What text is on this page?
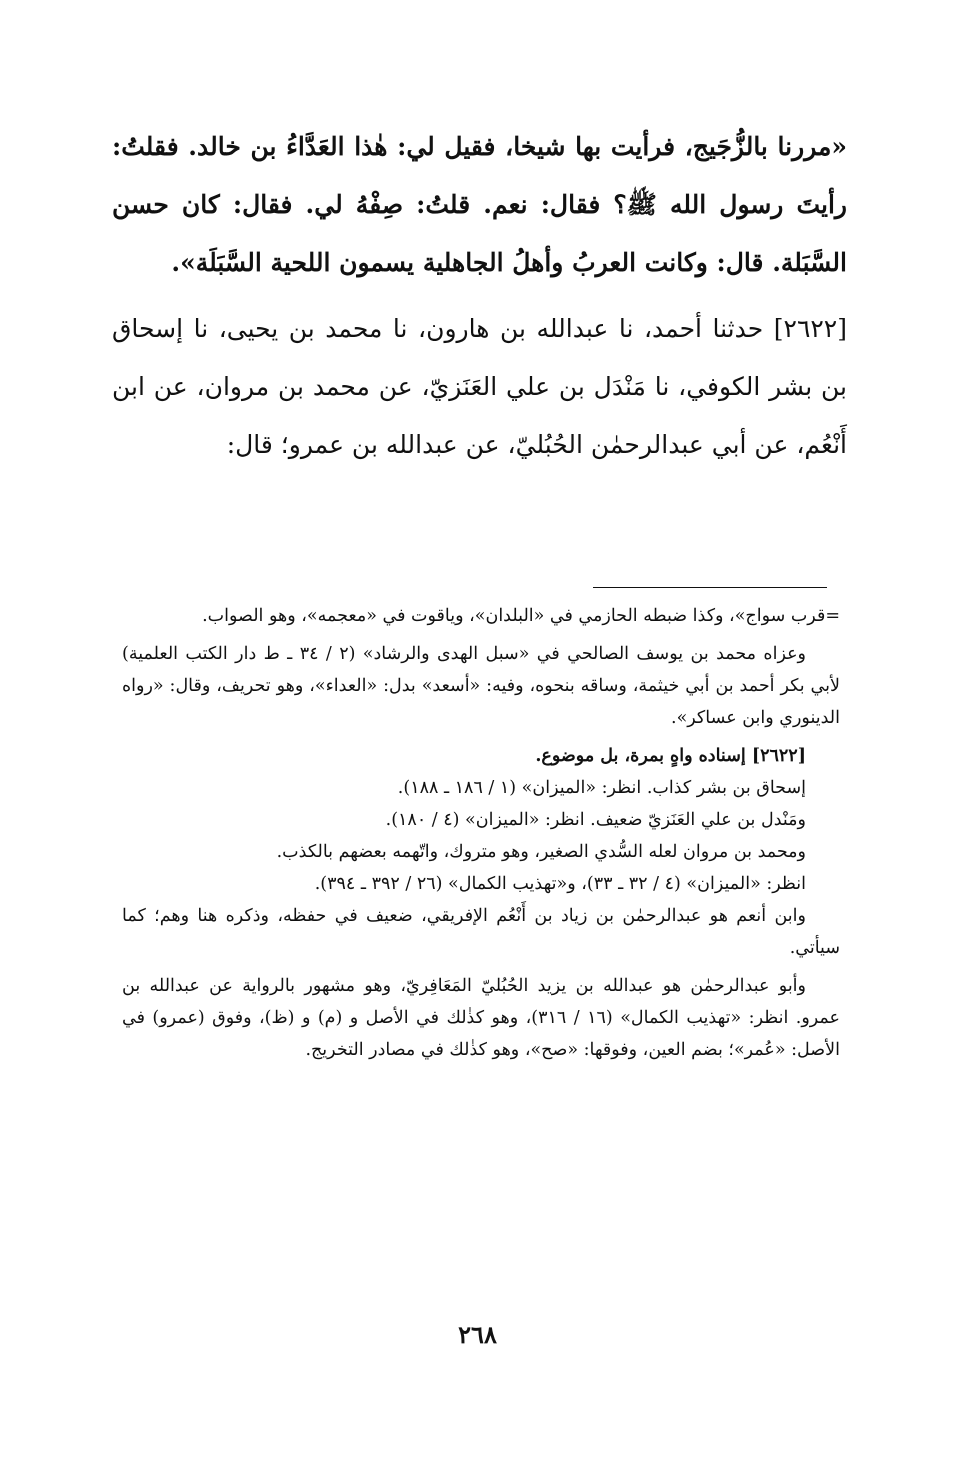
«مررنا بالزُّجَيج، فرأيت بها شيخا، فقيل لي: هٰذا العَدَّاءُ بن خالد. فقلتُ: رأيتَ رسول الله ﷺ؟ فقال: نعم. قلتُ: صِفْهُ لي. فقال: كان حسن السَّبَلة. قال: وكانت العربُ وأهلُ الجاهلية يسمون اللحية السَّبَلَة».

[٢٦٢٢] حدثنا أحمد، نا عبدالله بن هارون، نا محمد بن يحيى، نا إسحاق بن بشر الكوفي، نا مَنْدَل بن علي العَنَزيّ، عن محمد بن مروان، عن ابن أَنْعُم، عن أبي عبدالرحمٰن الحُبُليّ، عن عبدالله بن عمرو؛ قال:

=قرب سواج»، وكذا ضبطه الحازمي في «البلدان»، وياقوت في «معجمه»، وهو الصواب.

وعزاه محمد بن يوسف الصالحي في «سبل الهدى والرشاد» (٢ / ٣٤ ـ ط دار الكتب العلمية) لأبي بكر أحمد بن أبي خيثمة، وساقه بنحوه، وفيه: «أسعد» بدل: «العداء»، وهو تحريف، وقال: «رواه الدينوري وابن عساكر».

[٢٦٢٢] إسناده واهٍ بمرة، بل موضوع.

إسحاق بن بشر كذاب. انظر: «الميزان» (١ / ١٨٦ ـ ١٨٨).

ومَنْدل بن علي العَنَزيّ ضعيف. انظر: «الميزان» (٤ / ١٨٠).

ومحمد بن مروان لعله السُّدي الصغير، وهو متروك، واتّهمه بعضهم بالكذب.

انظر: «الميزان» (٤ / ٣٢ ـ ٣٣)، و«تهذيب الكمال» (٢٦ / ٣٩٢ ـ ٣٩٤).

وابن أنعم هو عبدالرحمٰن بن زياد بن أَنْعُم الإفريقي، ضعيف في حفظه، وذكره هنا وهم؛ كما سيأتي.

وأبو عبدالرحمٰن هو عبدالله بن يزيد الحُبُليّ المَعَافِريّ، وهو مشهور بالرواية عن عبدالله بن عمرو. انظر: «تهذيب الكمال» (١٦ / ٣١٦)، وهو كذٰلك في الأصل و (م) و (ظ)، وفوق (عمرو) في الأصل: «عُمر»؛ بضم العين، وفوقها: «صح»، وهو كذٰلك في مصادر التخريج.

٢٦٨
